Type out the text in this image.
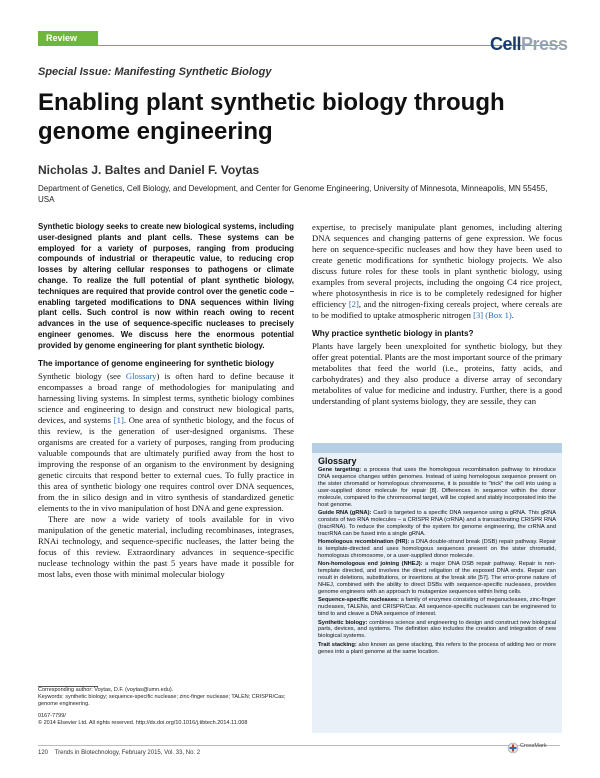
Review	CellPress
Special Issue: Manifesting Synthetic Biology
Enabling plant synthetic biology through genome engineering
Nicholas J. Baltes and Daniel F. Voytas
Department of Genetics, Cell Biology, and Development, and Center for Genome Engineering, University of Minnesota, Minneapolis, MN 55455, USA

Synthetic biology seeks to create new biological systems, including user-designed plants and plant cells. These systems can be employed for a variety of purposes, ranging from producing compounds of industrial or therapeutic value, to reducing crop losses by altering cellular responses to pathogens or climate change. To realize the full potential of plant synthetic biology, techniques are required that provide control over the genetic code – enabling targeted modifications to DNA sequences within living plant cells. Such control is now within reach owing to recent advances in the use of sequence-specific nucleases to precisely engineer genomes. We discuss here the enormous potential provided by genome engineering for plant synthetic biology.

The importance of genome engineering for synthetic biology

Synthetic biology (see Glossary) is often hard to define because it encompasses a broad range of methodologies for manipulating and harnessing living systems. In simplest terms, synthetic biology combines science and engineering to design and construct new biological parts, devices, and systems [1]. One area of synthetic biology, and the focus of this review, is the generation of user-designed organisms. These organisms are created for a variety of purposes, ranging from producing valuable compounds that are ultimately purified away from the host to improving the response of an organism to the environment by designing genetic circuits that respond better to external cues. To fully practice in this area of synthetic biology one requires control over DNA sequences, from the in silico design and in vitro synthesis of standardized genetic elements to the in vivo manipulation of host DNA and gene expression.

There are now a wide variety of tools available for in vivo manipulation of the genetic material, including recombinases, integrases, RNAi technology, and sequence-specific nucleases, the latter being the focus of this review. Extraordinary advances in sequence-specific nuclease technology within the past 5 years have made it possible for most labs, even those with minimal molecular biology

expertise, to precisely manipulate plant genomes, including altering DNA sequences and changing patterns of gene expression. We focus here on sequence-specific nucleases and how they have been used to create genetic modifications for synthetic biology projects. We also discuss future roles for these tools in plant synthetic biology, using examples from several projects, including the ongoing C4 rice project, where photosynthesis in rice is to be completely redesigned for higher efficiency [2], and the nitrogen-fixing cereals project, where cereals are to be modified to uptake atmospheric nitrogen [3] (Box 1).

Why practice synthetic biology in plants?

Plants have largely been unexploited for synthetic biology, but they offer great potential. Plants are the most important source of the primary metabolites that feed the world (i.e., proteins, fatty acids, and carbohydrates) and they also produce a diverse array of secondary metabolites of value for medicine and industry. Further, there is a good understanding of plant systems biology, they are sessile, they can

Glossary

Gene targeting: a process that uses the homologous recombination pathway to introduce DNA sequence changes within genomes. Instead of using homologous sequence present on the sister chromatid or homologous chromosome, it is possible to "trick" the cell into using a user-supplied donor molecule for repair [8]. Differences in sequence within the donor molecule, compared to the chromosomal target, will be copied and stably incorporated into the host genome.

Guide RNA (gRNA): Cas9 is targeted to a specific DNA sequence using a gRNA. This gRNA consists of two RNA molecules – a CRISPR RNA (crRNA) and a transactivating CRISPR RNA (tracrRNA). To reduce the complexity of the system for genome engineering, the crRNA and tracrRNA can be fused into a single gRNA.

Homologous recombination (HR): a DNA double-strand break (DSB) repair pathway. Repair is template-directed and uses homologous sequences present on the sister chromatid, homologous chromosome, or a user-supplied donor molecule.

Non-homologous end joining (NHEJ): a major DNA DSB repair pathway. Repair is non-template directed, and involves the direct religation of the exposed DNA ends. Repair can result in deletions, substitutions, or insertions at the break site [57]. The error-prone nature of NHEJ, combined with the ability to direct DSBs with sequence-specific nucleases, provides genome engineers with an approach to mutagenize sequences within living cells.

Sequence-specific nucleases: a family of enzymes consisting of meganucleases, zinc-finger nucleases, TALENs, and CRISPR/Cas. All sequence-specific nucleases can be engineered to bind to and cleave a DNA sequence of interest.

Synthetic biology: combines science and engineering to design and construct new biological parts, devices, and systems. The definition also includes the creation and integration of new biological systems.

Trait stacking: also known as gene stacking, this refers to the process of adding two or more genes into a plant genome at the same location.

Corresponding author: Voytas, D.F. (voytas@umn.edu).
Keywords: synthetic biology; sequence-specific nuclease; zinc-finger nuclease; TALEN; CRISPR/Cas; genome engineering.
0167-7799/
© 2014 Elsevier Ltd. All rights reserved. http://dx.doi.org/10.1016/j.tibtech.2014.11.008
120 Trends in Biotechnology, February 2015, Vol. 33, No. 2
CrossMark
